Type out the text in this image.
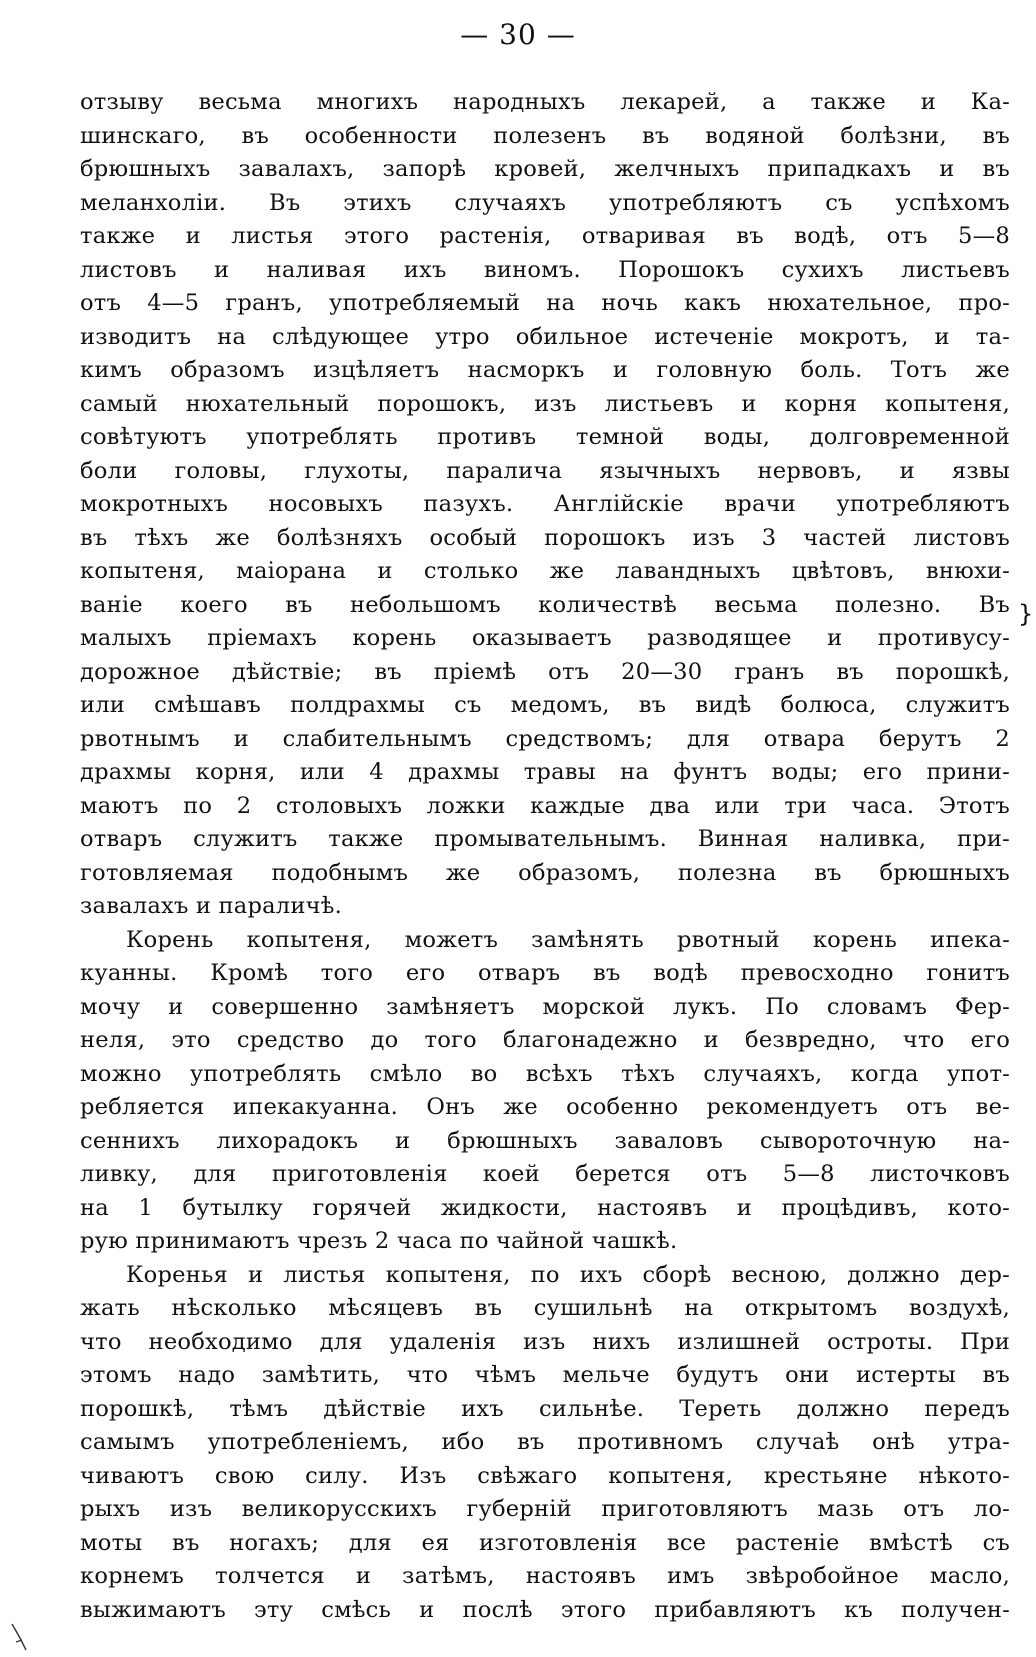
— 30 —
отзыву весьма многихъ народныхъ лекарей, а также и Ка-
шинскаго, въ особенности полезенъ въ водяной болѣзни, въ
брюшныхъ завалахъ, запорѣ кровей, желчныхъ припадкахъ и въ
меланхоліи. Въ этихъ случаяхъ употребляютъ съ успѣхомъ
также и листья этого растенія, отваривая въ водѣ, отъ 5—8
листовъ и наливая ихъ виномъ. Порошокъ сухихъ листьевъ
отъ 4—5 гранъ, употребляемый на ночь какъ нюхательное, про-
изводитъ на слѣдующее утро обильное истеченіе мокротъ, и та-
кимъ образомъ изцѣляетъ насморкъ и головную боль. Тотъ же
самый нюхательный порошокъ, изъ листьевъ и корня копытеня,
совѣтуютъ употреблять противъ темной воды, долговременной
боли головы, глухоты, паралича язычныхъ нервовъ, и язвы
мокротныхъ носовыхъ пазухъ. Англійскіе врачи употребляютъ
въ тѣхъ же болѣзняхъ особый порошокъ изъ 3 частей листовъ
копытеня, маіорана и столько же лавандныхъ цвѣтовъ, внюхи-
ваніе коего въ небольшомъ количествѣ весьма полезно. Въ
малыхъ пріемахъ корень оказываетъ разводящее и противусу-
дорожное дѣйствіе; въ пріемѣ отъ 20—30 гранъ въ порошкѣ,
или смѣшавъ полдрахмы съ медомъ, въ видѣ болюса, служитъ
рвотнымъ и слабительнымъ средствомъ; для отвара берутъ 2
драхмы корня, или 4 драхмы травы на фунтъ воды; его прини-
маютъ по 2 столовыхъ ложки каждые два или три часа. Этотъ
отваръ служитъ также промывательнымъ. Винная наливка, при-
готовляемая подобнымъ же образомъ, полезна въ брюшныхъ
завалахъ и параличѣ.
Корень копытеня, можетъ замѣнять рвотный корень ипека-
куанны. Кромѣ того его отваръ въ водѣ превосходно гонитъ
мочу и совершенно замѣняетъ морской лукъ. По словамъ Фер-
неля, это средство до того благонадежно и безвредно, что его
можно употреблять смѣло во всѣхъ тѣхъ случаяхъ, когда упот-
ребляется ипекакуанна. Онъ же особенно рекомендуетъ отъ ве-
сеннихъ лихорадокъ и брюшныхъ заваловъ сывороточную на-
ливку, для приготовленія коей берется отъ 5—8 листочковъ
на 1 бутылку горячей жидкости, настоявъ и процѣдивъ, кото-
рую принимаютъ чрезъ 2 часа по чайной чашкѣ.
Коренья и листья копытеня, по ихъ сборѣ весною, должно дер-
жать нѣсколько мѣсяцевъ въ сушильнѣ на открытомъ воздухѣ,
что необходимо для удаленія изъ нихъ излишней остроты. При
этомъ надо замѣтить, что чѣмъ мельче будутъ они истерты въ
порошкѣ, тѣмъ дѣйствіе ихъ сильнѣе. Тереть должно передъ
самымъ употребленіемъ, ибо въ противномъ случаѣ онѣ утра-
чиваютъ свою силу. Изъ свѣжаго копытеня, крестьяне нѣкото-
рыхъ изъ великорусскихъ губерній приготовляютъ мазь отъ ло-
моты въ ногахъ; для ея изготовленія все растеніе вмѣстѣ съ
корнемъ толчется и затѣмъ, настоявъ имъ звѣробойное масло,
выжимаютъ эту смѣсь и послѣ этого прибавляютъ къ получен-
}
